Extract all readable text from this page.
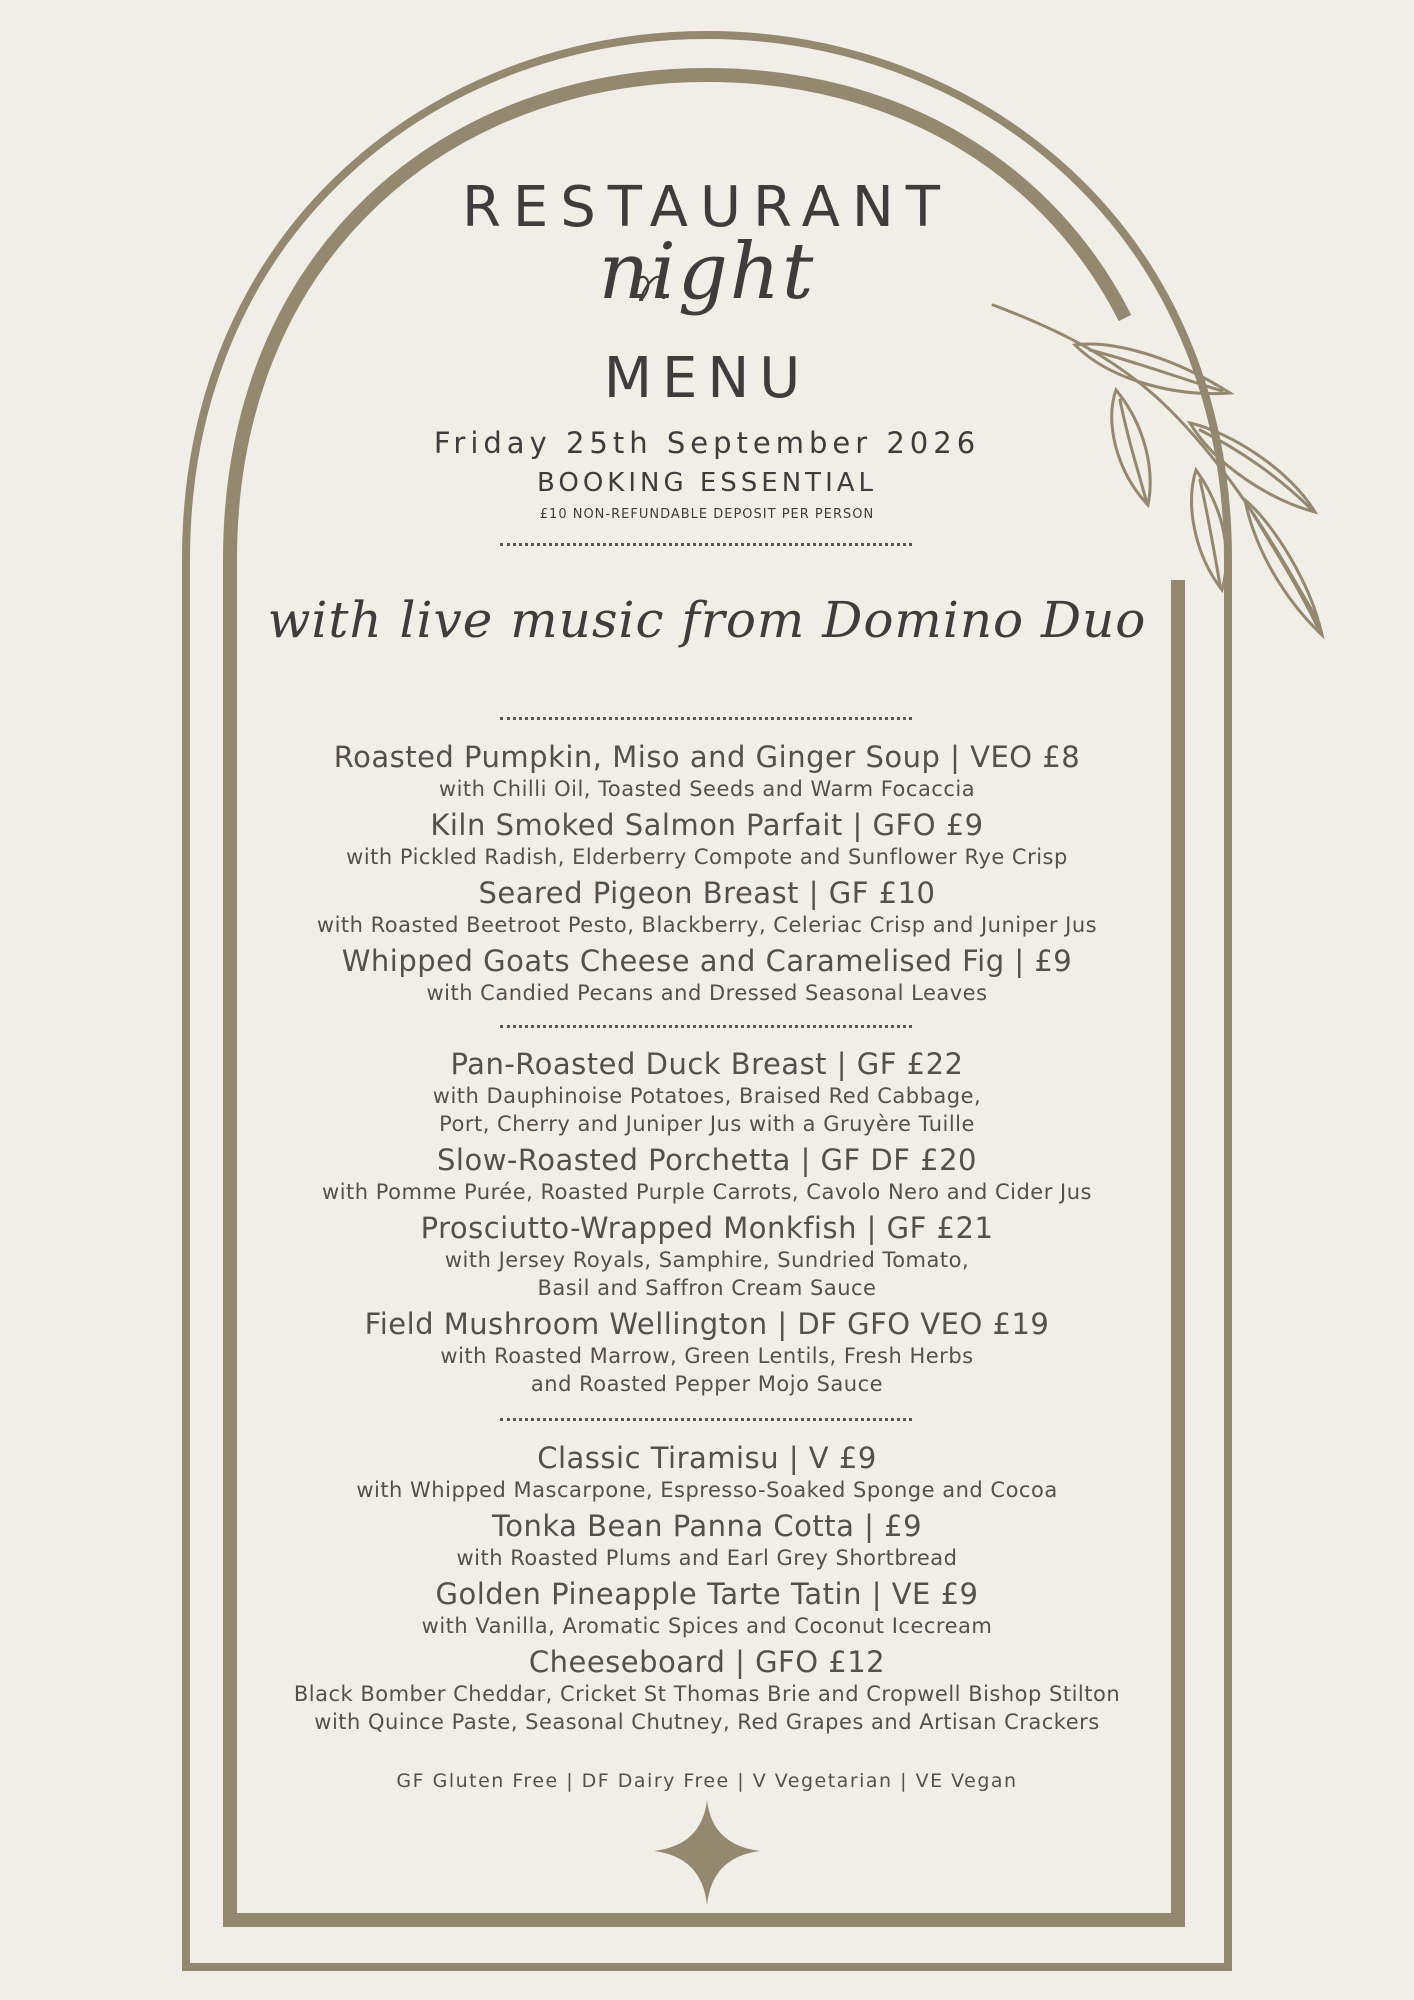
RESTAURANT
night
MENU
Friday 25th September 2026
BOOKING ESSENTIAL
£10 NON-REFUNDABLE DEPOSIT PER PERSON
with live music from Domino Duo
Roasted Pumpkin, Miso and Ginger Soup | VEO £8
with Chilli Oil, Toasted Seeds and Warm Focaccia
Kiln Smoked Salmon Parfait | GFO £9
with Pickled Radish, Elderberry Compote and Sunflower Rye Crisp
Seared Pigeon Breast | GF £10
with Roasted Beetroot Pesto, Blackberry, Celeriac Crisp and Juniper Jus
Whipped Goats Cheese and Caramelised Fig | £9
with Candied Pecans and Dressed Seasonal Leaves
Pan-Roasted Duck Breast | GF £22
with Dauphinoise Potatoes, Braised Red Cabbage,
Port, Cherry and Juniper Jus with a Gruyère Tuille
Slow-Roasted Porchetta | GF DF £20
with Pomme Purée, Roasted Purple Carrots, Cavolo Nero and Cider Jus
Prosciutto-Wrapped Monkfish | GF £21
with Jersey Royals, Samphire, Sundried Tomato,
Basil and Saffron Cream Sauce
Field Mushroom Wellington | DF GFO VEO £19
with Roasted Marrow, Green Lentils, Fresh Herbs
and Roasted Pepper Mojo Sauce
Classic Tiramisu | V £9
with Whipped Mascarpone, Espresso-Soaked Sponge and Cocoa
Tonka Bean Panna Cotta | £9
with Roasted Plums and Earl Grey Shortbread
Golden Pineapple Tarte Tatin | VE £9
with Vanilla, Aromatic Spices and Coconut Icecream
Cheeseboard | GFO £12
Black Bomber Cheddar, Cricket St Thomas Brie and Cropwell Bishop Stilton
with Quince Paste, Seasonal Chutney, Red Grapes and Artisan Crackers
GF Gluten Free | DF Dairy Free | V Vegetarian | VE Vegan
